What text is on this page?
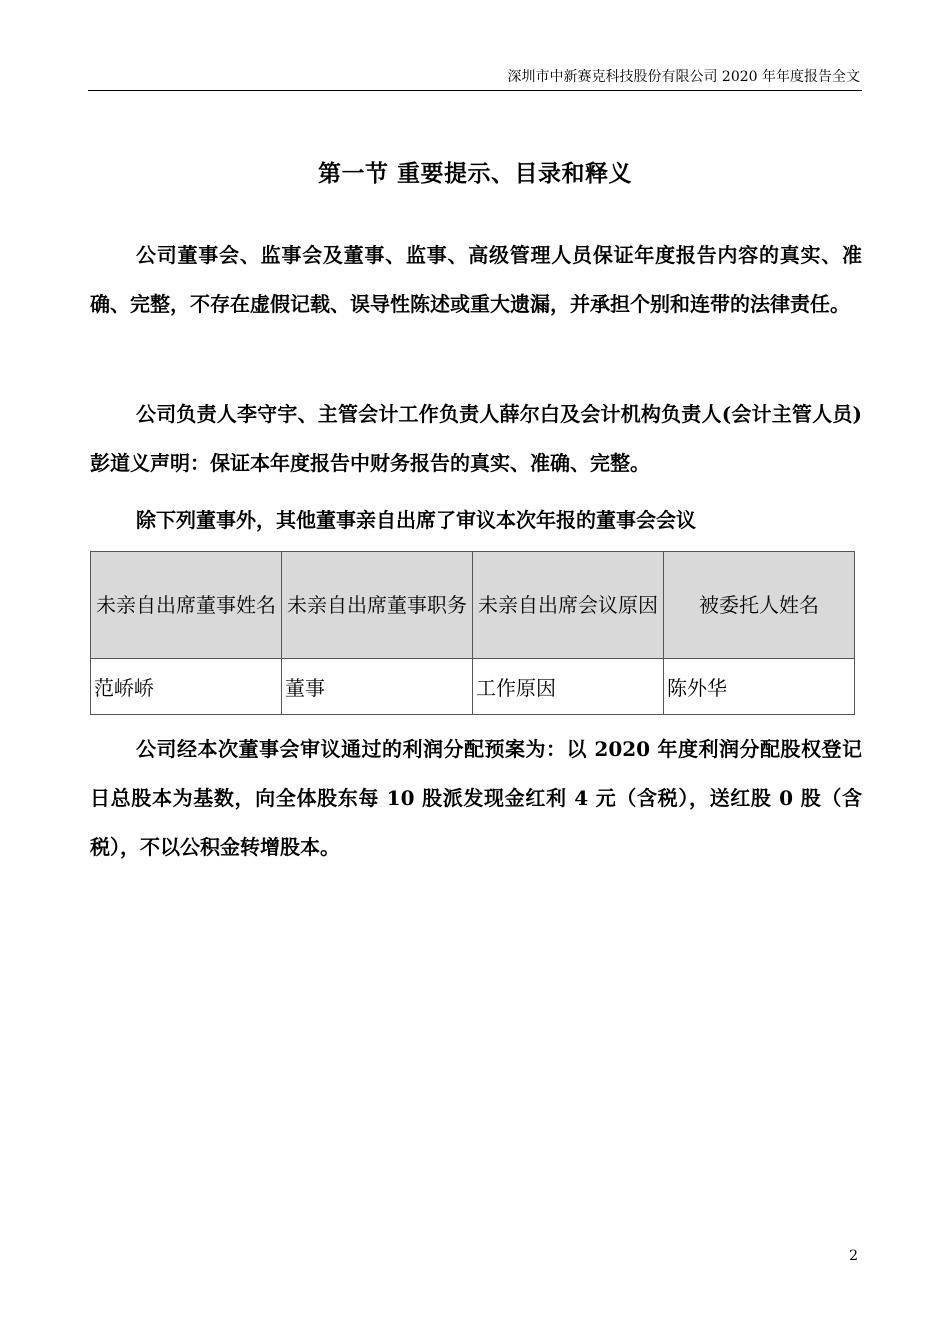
深圳市中新赛克科技股份有限公司 2020 年年度报告全文
第一节 重要提示、目录和释义
公司董事会、监事会及董事、监事、高级管理人员保证年度报告内容的真实、准确、完整，不存在虚假记载、误导性陈述或重大遗漏，并承担个别和连带的法律责任。
公司负责人李守宇、主管会计工作负责人薛尔白及会计机构负责人(会计主管人员)彭道义声明：保证本年度报告中财务报告的真实、准确、完整。
除下列董事外，其他董事亲自出席了审议本次年报的董事会会议
未亲自出席董事姓名	未亲自出席董事职务	未亲自出席会议原因	被委托人姓名
范峤峤	董事	工作原因	陈外华
公司经本次董事会审议通过的利润分配预案为：以 2020 年度利润分配股权登记日总股本为基数，向全体股东每 10 股派发现金红利 4 元（含税），送红股 0 股（含税），不以公积金转增股本。
2
